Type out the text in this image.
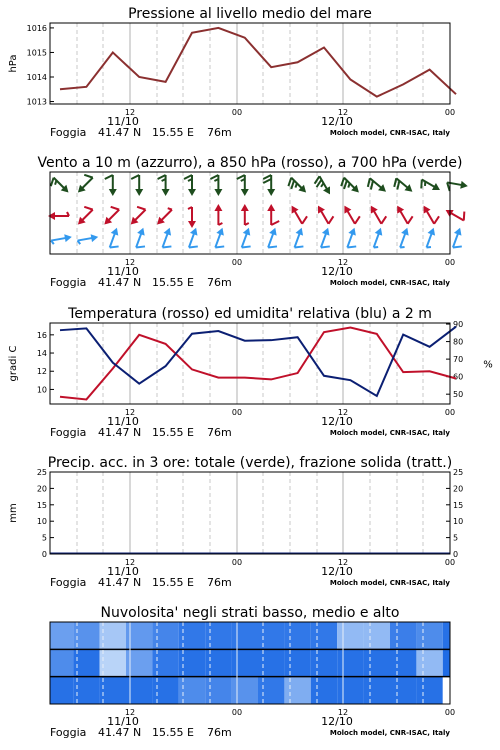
Pressione al livello medio del mare
12	00	12	00
11/10	12/10
Foggia 41.47 N 15.55 E 76m	Moloch model, CNR-ISAC, Italy
Vento a 10 m (azzurro), a 850 hPa (rosso), a 700 hPa (verde)
12	00	12	00
11/10	12/10
Foggia 41.47 N 15.55 E 76m	Moloch model, CNR-ISAC, Italy
Temperatura (rosso) ed umidita' relativa (blu) a 2 m
12	00	12	00
11/10	12/10
Foggia 41.47 N 15.55 E 76m	Moloch model, CNR-ISAC, Italy
Precip. acc. in 3 ore: totale (verde), frazione solida (tratt.)
12	00	12	00
11/10	12/10
Foggia 41.47 N 15.55 E 76m	Moloch model, CNR-ISAC, Italy
Nuvolosita' negli strati basso, medio e alto
12	00	12	00
11/10	12/10
Foggia 41.47 N 15.55 E 76m	Moloch model, CNR-ISAC, Italy
1013
1014
1015
1016
hPa
10
12
14
16
50
60
70
80
90
gradi C	%
0
5
10
15
20
25
0
5
10
15
20
25
mm
